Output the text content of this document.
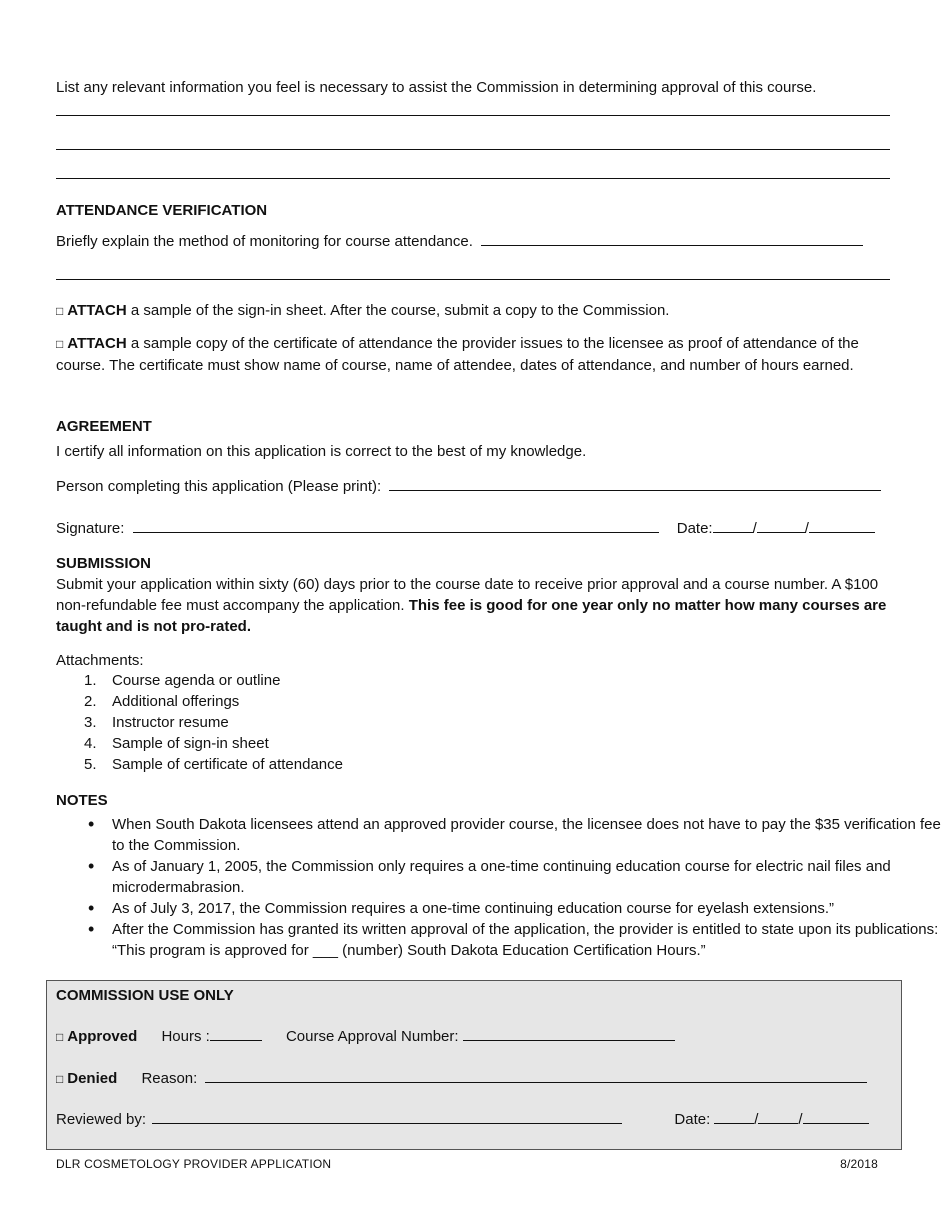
List any relevant information you feel is necessary to assist the Commission in determining approval of this course.
ATTENDANCE VERIFICATION
Briefly explain the method of monitoring for course attendance.
□ ATTACH a sample of the sign-in sheet. After the course, submit a copy to the Commission.
□ ATTACH a sample copy of the certificate of attendance the provider issues to the licensee as proof of attendance of the course. The certificate must show name of course, name of attendee, dates of attendance, and number of hours earned.
AGREEMENT
I certify all information on this application is correct to the best of my knowledge.
Person completing this application (Please print):
Signature:	Date:	/	/
SUBMISSION
Submit your application within sixty (60) days prior to the course date to receive prior approval and a course number. A $100 non-refundable fee must accompany the application. This fee is good for one year only no matter how many courses are taught and is not pro-rated.
Attachments:
1.	Course agenda or outline
2.	Additional offerings
3.	Instructor resume
4.	Sample of sign-in sheet
5.	Sample of certificate of attendance
NOTES
• When South Dakota licensees attend an approved provider course, the licensee does not have to pay the $35 verification fee to the Commission.
• As of January 1, 2005, the Commission only requires a one-time continuing education course for electric nail files and microdermabrasion.
• As of July 3, 2017, the Commission requires a one-time continuing education course for eyelash extensions.”
• After the Commission has granted its written approval of the application, the provider is entitled to state upon its publications: “This program is approved for ___ (number) South Dakota Education Certification Hours.”
COMMISSION USE ONLY
□ Approved Hours :	Course Approval Number:
□ Denied Reason:
Reviewed by:	Date:	/	/
DLR COSMETOLOGY PROVIDER APPLICATION	8/2018
